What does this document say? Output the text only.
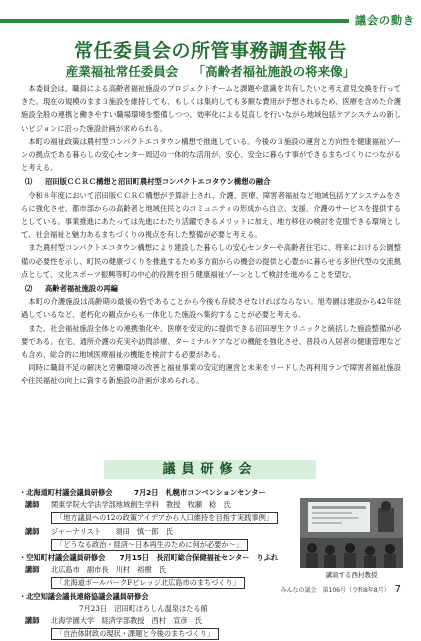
議会の動き
常任委員会の所管事務調査報告
産業福祉常任委員会 「高齢者福祉施設の将来像」

本委員会は、職員による高齢者福祉施設のプロジェクトチームと課題や意識を共有したいと考え意見交換を行ってきた。現在の規模のまま３施設を維持しても、もしくは集約しても多額な費用が予想されるため、医療を含めた介護施設全般の連携と働きやすい職場環境を整備しつつ、効率化による見直しを行いながら地域包括ケアシステムの新しいビジョンに沿った施設計画が求められる。

本町の福祉政策は農村型コンパクトエコタウン構想で推進している。今後の３施設の運営と方向性を健康福祉ゾーンの拠点である暮らしの安心センター周辺の一体的な活用が、安心、安全に暮らす事ができるまちづくりにつながると考える。

⑴ 沼田版ＣＣＲＣ構想と沼田町農村型コンパクトエコタウン構想の融合

令和８年度において沼田版ＣＣＲＣ構想が予算計上され、介護、医療、障害者福祉など地域包括ケアシステムをさらに強化させ、都市部からの高齢者と地域住民とのコミュニティの形成から自立、支援、介護のサービスを提供するとしている。事業推進にあたっては先進にわたり活躍できるメリットに加え、地方移住の検討を克服できる環境として、社会福祉と魅力あるまちづくりの視点を有した整備が必要と考える。

また農村型コンパクトエコタウン構想により建設した暮らしの安心センターや高齢者住宅に、将来における公園整備の必要性を示し、町民の健康づくりを推進するため多方面からの機会の提供と心豊かに暮らせる多世代型の交流拠点として、文化スポーツ振興等町の中心的役割を担う健康福祉ゾーンとして検討を進めることを望む。

⑵ 高齢者福祉施設の再編

本町の介護施設は高齢期の最後の砦であることから今後も存続させなければならない。旭寿園は建設から42年経過しているなど、老朽化の観点からも一体化した施設へ集約することが必要と考える。

また、社会福祉施設全体との連携強化や、医療を安定的に提供できる沼田厚生クリニックと統括した施設整備が必要である。在宅、通所介護の充実や訪問診療、ターミナルケアなどの機能を強化させ、普段の入居者の健康管理なども含め、総合的に地域医療福祉の機能を検討する必要がある。

同時に職員不足の解決と労働環境の改善と福祉事業の安定的運営と未来をリードした再利用ランで障害者福祉施設や住民福祉の向上に資する新施設の計画が求められる。

議員研修会
・北海道町村議会議員研修会　　　7月2日　札幌市コンベンションセンター
講師 関東学院大学法学部地域創生学科　教授　牧瀬　稔　氏
「地方議員への12の政策アイデアから人口維持を目指す実践事例」
講師 ジャーナリスト　　須田　慎一郎　氏
「どうなる政治・経済～日本再生のために何が必要か～」
・空知町村議会議員研修会　　7月15日　長沼町総合保健福祉センター　りふれ
講師 北広島市　副市長　川村　裕樹　氏
「北海道ボールパークFビレッジ北広島市のまちづくり」
・北空知議会議長連絡協議会議員研修会
7月23日　沼田町ほろしん温泉ほたる館
講師 北海学園大学　経済学部教授　西村　宣彦　氏
「自治体財政の現状・課題と今後のまちづくり」
講演する西村教授
みんなの議会　第106号（令和8年8月） 7
